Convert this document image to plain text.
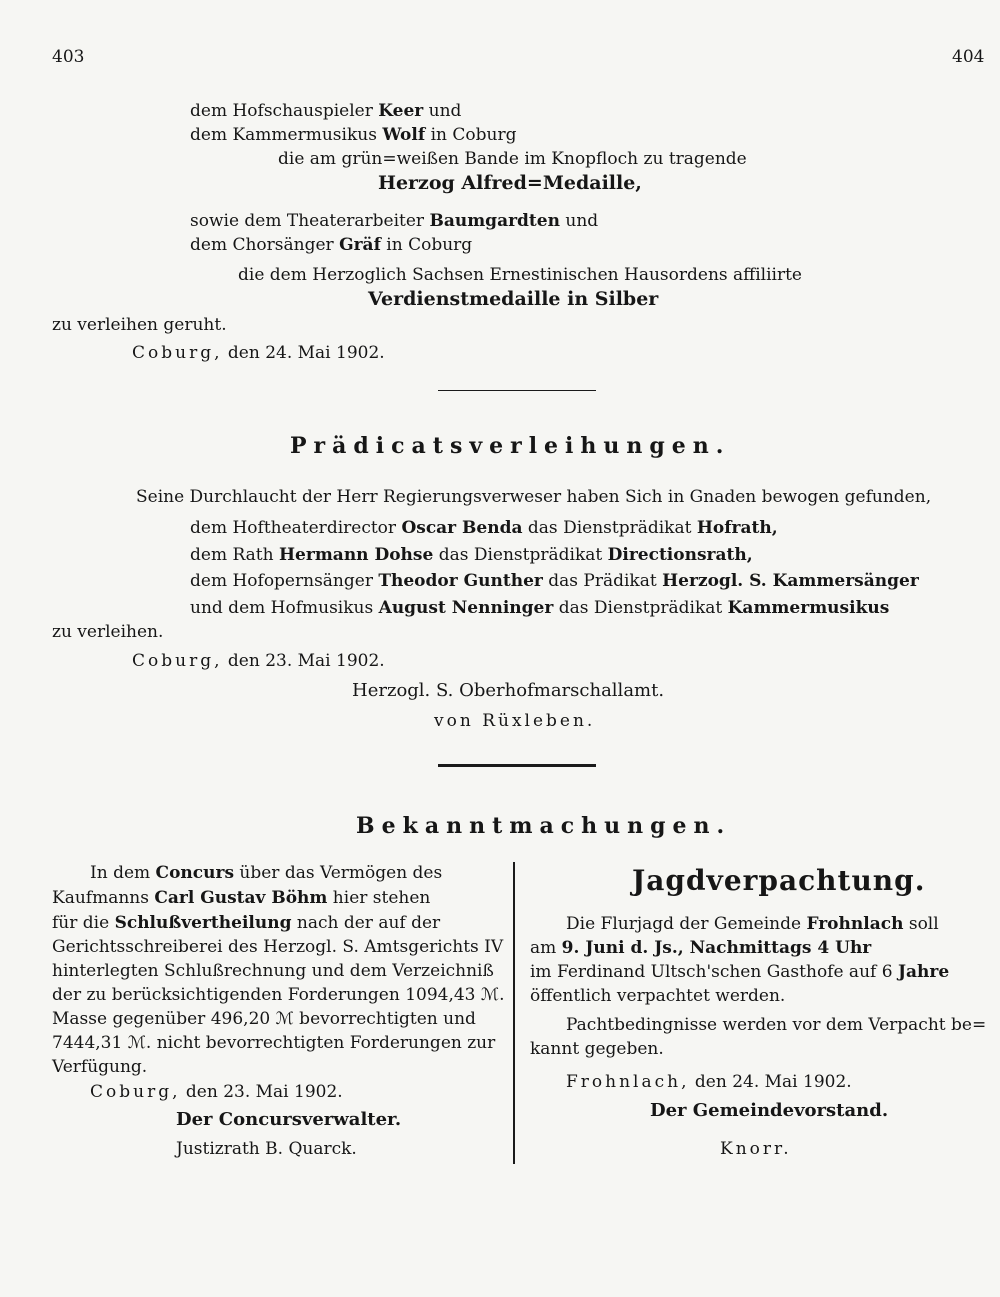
403	404
dem Hofschauspieler Keer und
dem Kammermusikus Wolf in Coburg
die am grün=weißen Bande im Knopfloch zu tragende
Herzog Alfred=Medaille,
sowie dem Theaterarbeiter Baumgardten und
dem Chorsänger Gräf in Coburg
die dem Herzoglich Sachsen Ernestinischen Hausordens affiliirte
Verdienstmedaille in Silber
zu verleihen geruht.
Coburg, den 24. Mai 1902.
Prädicatsverleihungen.
Seine Durchlaucht der Herr Regierungsverweser haben Sich in Gnaden bewogen gefunden,
dem Hoftheaterdirector Oscar Benda das Dienstprädikat Hofrath,
dem Rath Hermann Dohse das Dienstprädikat Directionsrath,
dem Hofopernsänger Theodor Gunther das Prädikat Herzogl. S. Kammersänger
und dem Hofmusikus August Nenninger das Dienstprädikat Kammermusikus
zu verleihen.
Coburg, den 23. Mai 1902.
Herzogl. S. Oberhofmarschallamt.
von Rüxleben.
Bekanntmachungen.
In dem Concurs über das Vermögen des
Kaufmanns Carl Gustav Böhm hier stehen
für die Schlußvertheilung nach der auf der
Gerichtsschreiberei des Herzogl. S. Amtsgerichts IV
hinterlegten Schlußrechnung und dem Verzeichniß
der zu berücksichtigenden Forderungen 1094,43 ℳ.
Masse gegenüber 496,20 ℳ bevorrechtigten und
7444,31 ℳ. nicht bevorrechtigten Forderungen zur
Verfügung.
Coburg, den 23. Mai 1902.
Der Concursverwalter.
Justizrath B. Quarck.
Jagdverpachtung.
Die Flurjagd der Gemeinde Frohnlach soll
am 9. Juni d. Js., Nachmittags 4 Uhr
im Ferdinand Ultsch'schen Gasthofe auf 6 Jahre
öffentlich verpachtet werden.
Pachtbedingnisse werden vor dem Verpacht be=
kannt gegeben.
Frohnlach, den 24. Mai 1902.
Der Gemeindevorstand.
Knorr.
